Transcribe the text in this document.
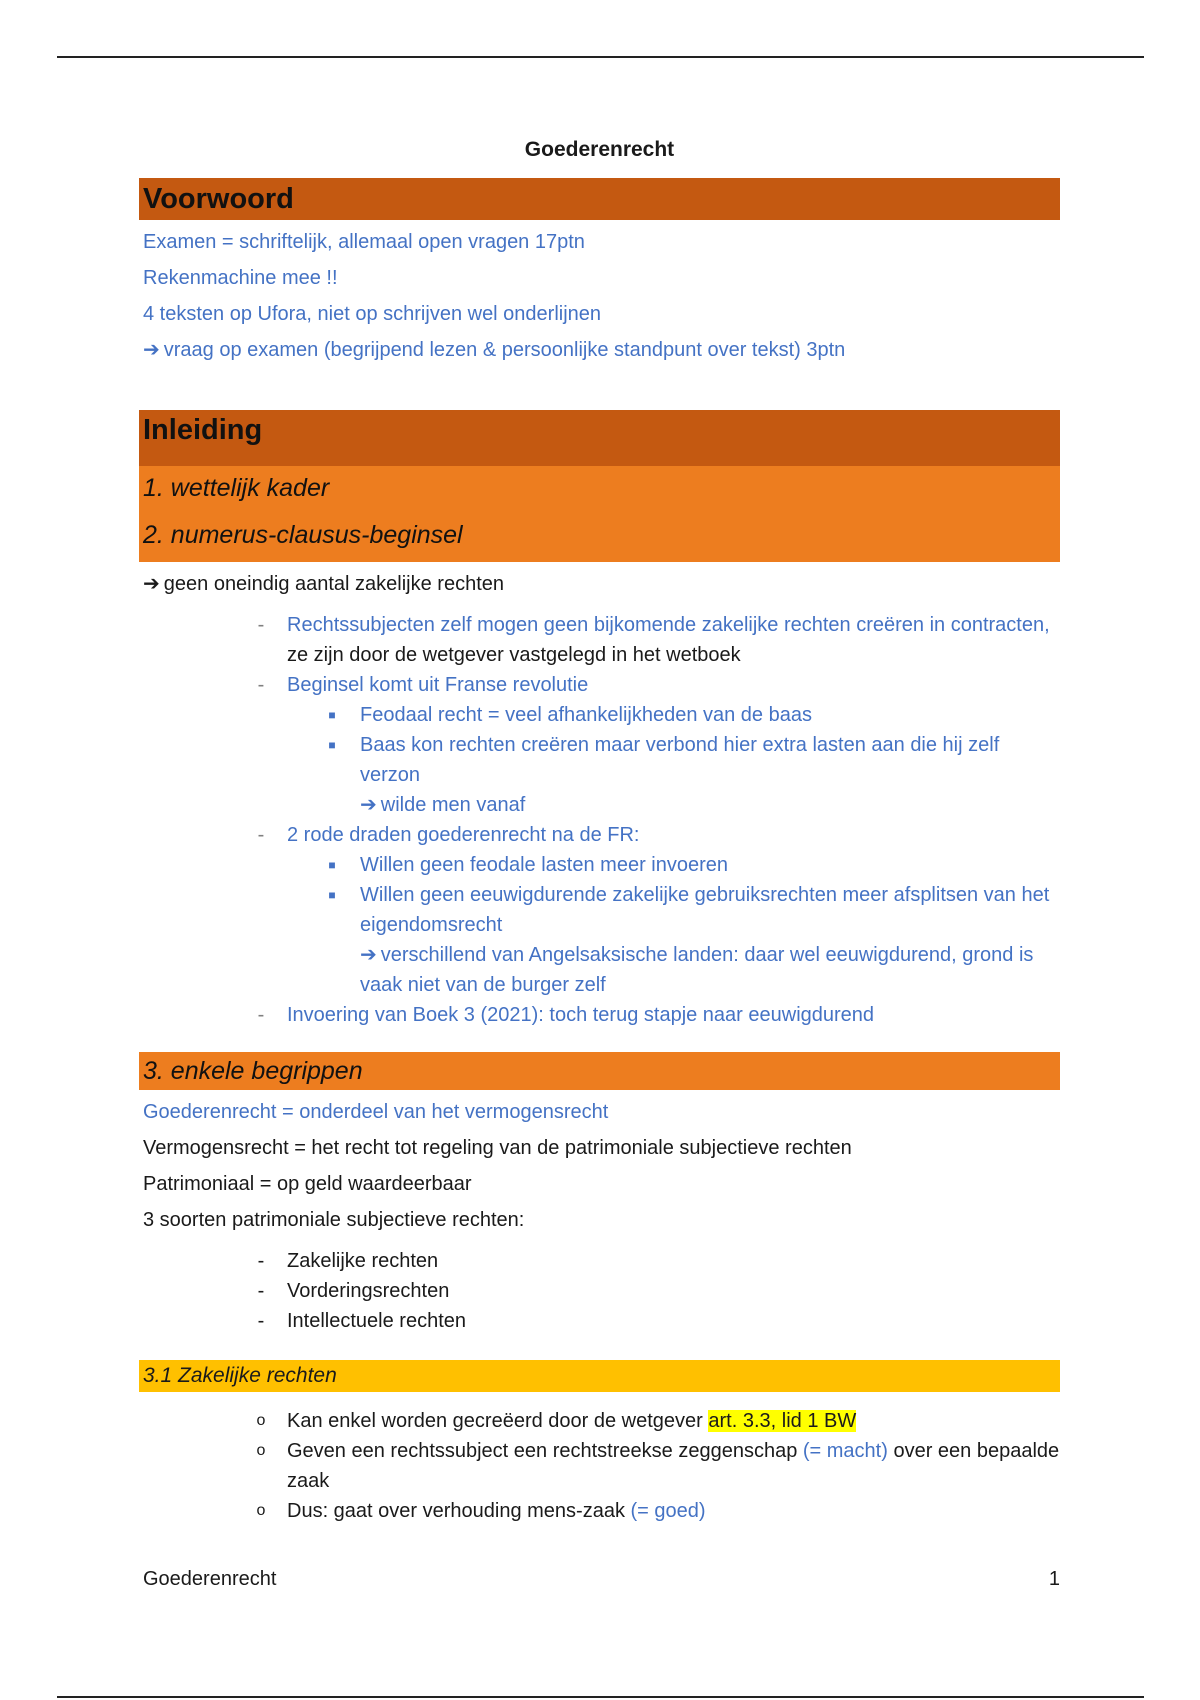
Goederenrecht
Voorwoord
Examen = schriftelijk, allemaal open vragen 17ptn
Rekenmachine mee !!
4 teksten op Ufora, niet op schrijven wel onderlijnen
➔ vraag op examen (begrijpend lezen & persoonlijke standpunt over tekst) 3ptn
Inleiding
1. wettelijk kader
2. numerus-clausus-beginsel
➔ geen oneindig aantal zakelijke rechten
-	Rechtssubjecten zelf mogen geen bijkomende zakelijke rechten creëren in contracten, ze zijn door de wetgever vastgelegd in het wetboek
-	Beginsel komt uit Franse revolutie
■	Feodaal recht = veel afhankelijkheden van de baas
■	Baas kon rechten creëren maar verbond hier extra lasten aan die hij zelf verzon
➔ wilde men vanaf
-	2 rode draden goederenrecht na de FR:
■	Willen geen feodale lasten meer invoeren
■	Willen geen eeuwigdurende zakelijke gebruiksrechten meer afsplitsen van het eigendomsrecht
➔ verschillend van Angelsaksische landen: daar wel eeuwigdurend, grond is vaak niet van de burger zelf
-	Invoering van Boek 3 (2021): toch terug stapje naar eeuwigdurend
3. enkele begrippen
Goederenrecht = onderdeel van het vermogensrecht
Vermogensrecht = het recht tot regeling van de patrimoniale subjectieve rechten
Patrimoniaal = op geld waardeerbaar
3 soorten patrimoniale subjectieve rechten:
-	Zakelijke rechten
-	Vorderingsrechten
-	Intellectuele rechten
3.1 Zakelijke rechten
o Kan enkel worden gecreëerd door de wetgever art. 3.3, lid 1 BW
o Geven een rechtssubject een rechtstreekse zeggenschap (= macht) over een bepaalde zaak
o Dus: gaat over verhouding mens-zaak (= goed)
Goederenrecht	1
